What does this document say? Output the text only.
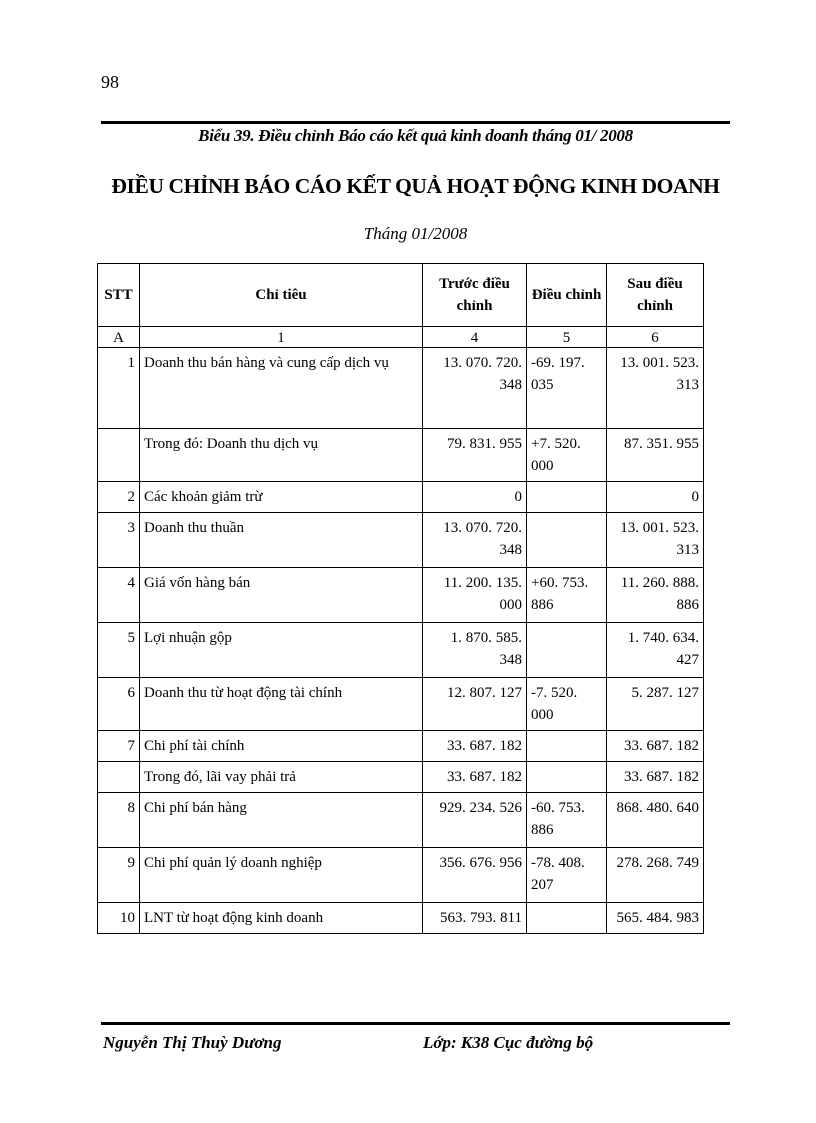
98
Biểu 39. Điều chỉnh Báo cáo kết quả kinh doanh tháng 01/ 2008
ĐIỀU CHỈNH BÁO CÁO KẾT QUẢ HOẠT ĐỘNG KINH DOANH
Tháng 01/2008
STT	Chỉ tiêu	Trước điều chỉnh	Điều chỉnh	Sau điều chỉnh
A	1	4	5	6
1	Doanh thu bán hàng và cung cấp dịch vụ	13. 070. 720. 348	-69. 197. 035	13. 001. 523. 313
	Trong đó: Doanh thu dịch vụ	79. 831. 955	+7. 520. 000	87. 351. 955
2	Các khoản giảm trừ	0		0
3	Doanh thu thuần	13. 070. 720. 348		13. 001. 523. 313
4	Giá vốn hàng bán	11. 200. 135. 000	+60. 753. 886	11. 260. 888. 886
5	Lợi nhuận gộp	1. 870. 585. 348		1. 740. 634. 427
6	Doanh thu từ hoạt động tài chính	12. 807. 127	-7. 520. 000	5. 287. 127
7	Chi phí tài chính	33. 687. 182		33. 687. 182
	Trong đó, lãi vay phải trả	33. 687. 182		33. 687. 182
8	Chi phí bán hàng	929. 234. 526	-60. 753. 886	868. 480. 640
9	Chi phí quản lý doanh nghiệp	356. 676. 956	-78. 408. 207	278. 268. 749
10	LNT từ hoạt động kinh doanh	563. 793. 811		565. 484. 983
Nguyễn Thị Thuỳ Dương	Lớp: K38 Cục đường bộ
